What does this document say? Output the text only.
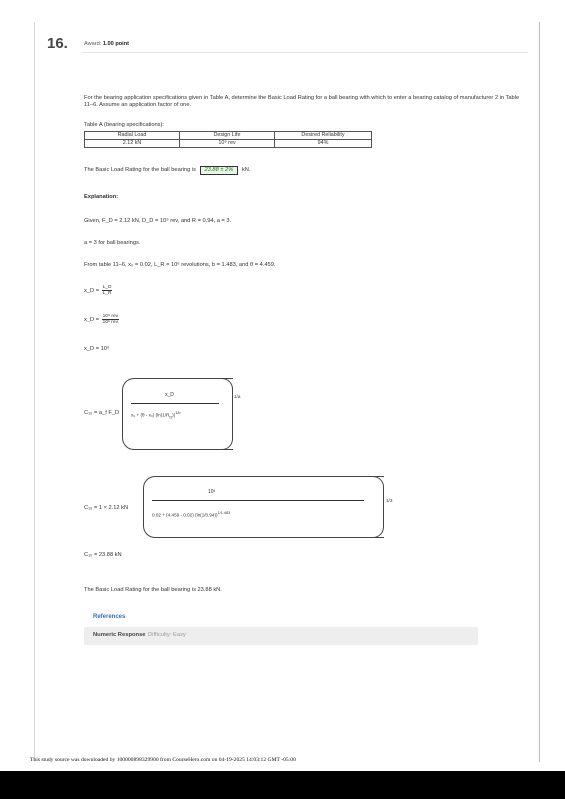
16.	Award: 1.00 point
For the bearing application specifications given in Table A, determine the Basic Load Rating for a ball bearing with which to enter a bearing catalog of manufacturer 2 in Table 11–6. Assume an application factor of one.
Table A (bearing specifications):
Radial Load	Design Life	Desired Reliability
2.12 kN	10⁹ rev	94%
The Basic Load Rating for the ball bearing is 23.88 ± 2% kN.
Explanation:
Given, F_D = 2.12 kN, D_D = 10⁹ rev, and R = 0.94, a = 3.
a = 3 for ball bearings.
From table 11–6, x₀ = 0.02, L_R = 10⁶ revolutions, b = 1.483, and θ = 4.459.
x_D = $\frac{L\_D}{L\_R}$
x_D = $\frac{\text{10⁹ rev}}{\text{10⁶ rev}}$
x_D = 10³
C₁₀ = a_f F_D
x_D
x₀ + (θ - x₀) $(\ln(1/R_D))^{1/b}$
1/a
C₁₀ = 1 × 2.12 kN
10³
0.02 + (4.459 - 0.02) $(\ln(1/0.94))^{1/1.483}$
1/3
C₁₀ = 23.88 kN
The Basic Load Rating for the ball bearing is 23.88 kN.
References
Numeric Response Difficulty: Easy
This study source was downloaded by 100000898329900 from CourseHero.com on 04-19-2025 14:03:12 GMT -05:00
